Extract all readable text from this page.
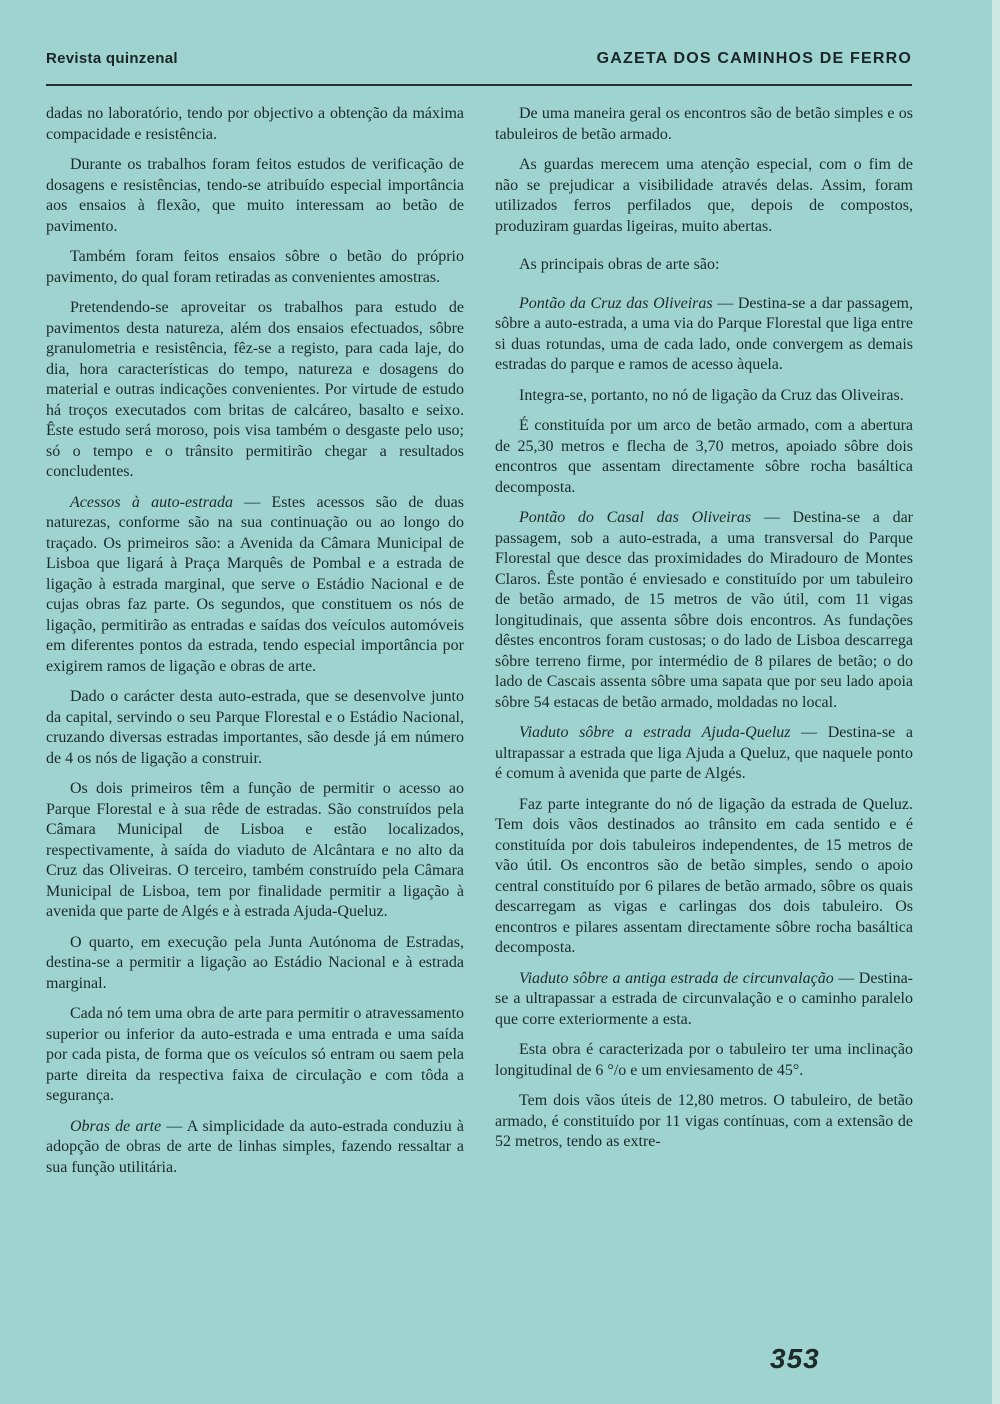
Revista quinzenal	GAZETA DOS CAMINHOS DE FERRO

dadas no laboratório, tendo por objectivo a obtenção da máxima compacidade e resistência.

Durante os trabalhos foram feitos estudos de verificação de dosagens e resistências, tendo-se atribuído especial importância aos ensaios à flexão, que muito interessam ao betão de pavimento.

Também foram feitos ensaios sôbre o betão do próprio pavimento, do qual foram retiradas as convenientes amostras.

Pretendendo-se aproveitar os trabalhos para estudo de pavimentos desta natureza, além dos ensaios efectuados, sôbre granulometria e resistência, fêz-se a registo, para cada laje, do dia, hora características do tempo, natureza e dosagens do material e outras indicações convenientes. Por virtude de estudo há troços executados com britas de calcáreo, basalto e seixo. Êste estudo será moroso, pois visa também o desgaste pelo uso; só o tempo e o trânsito permitirão chegar a resultados concludentes.

Acessos à auto-estrada — Estes acessos são de duas naturezas, conforme são na sua continuação ou ao longo do traçado. Os primeiros são: a Avenida da Câmara Municipal de Lisboa que ligará à Praça Marquês de Pombal e a estrada de ligação à estrada marginal, que serve o Estádio Nacional e de cujas obras faz parte. Os segundos, que constituem os nós de ligação, permitirão as entradas e saídas dos veículos automóveis em diferentes pontos da estrada, tendo especial importância por exigirem ramos de ligação e obras de arte.

Dado o carácter desta auto-estrada, que se desenvolve junto da capital, servindo o seu Parque Florestal e o Estádio Nacional, cruzando diversas estradas importantes, são desde já em número de 4 os nós de ligação a construir.

Os dois primeiros têm a função de permitir o acesso ao Parque Florestal e à sua rêde de estradas. São construídos pela Câmara Municipal de Lisboa e estão localizados, respectivamente, à saída do viaduto de Alcântara e no alto da Cruz das Oliveiras. O terceiro, também construído pela Câmara Municipal de Lisboa, tem por finalidade permitir a ligação à avenida que parte de Algés e à estrada Ajuda-Queluz.

O quarto, em execução pela Junta Autónoma de Estradas, destina-se a permitir a ligação ao Estádio Nacional e à estrada marginal.

Cada nó tem uma obra de arte para permitir o atravessamento superior ou inferior da auto-estrada e uma entrada e uma saída por cada pista, de forma que os veículos só entram ou saem pela parte direita da respectiva faixa de circulação e com tôda a segurança.

Obras de arte — A simplicidade da auto-estrada conduziu à adopção de obras de arte de linhas simples, fazendo ressaltar a sua função utilitária.

De uma maneira geral os encontros são de betão simples e os tabuleiros de betão armado.

As guardas merecem uma atenção especial, com o fim de não se prejudicar a visibilidade através delas. Assim, foram utilizados ferros perfilados que, depois de compostos, produziram guardas ligeiras, muito abertas.

As principais obras de arte são:

Pontão da Cruz das Oliveiras — Destina-se a dar passagem, sôbre a auto-estrada, a uma via do Parque Florestal que liga entre si duas rotundas, uma de cada lado, onde convergem as demais estradas do parque e ramos de acesso àquela.

Integra-se, portanto, no nó de ligação da Cruz das Oliveiras.

É constituída por um arco de betão armado, com a abertura de 25,30 metros e flecha de 3,70 metros, apoiado sôbre dois encontros que assentam directamente sôbre rocha basáltica decomposta.

Pontão do Casal das Oliveiras — Destina-se a dar passagem, sob a auto-estrada, a uma transversal do Parque Florestal que desce das proximidades do Miradouro de Montes Claros. Êste pontão é enviesado e constituído por um tabuleiro de betão armado, de 15 metros de vão útil, com 11 vigas longitudinais, que assenta sôbre dois encontros. As fundações dêstes encontros foram custosas; o do lado de Lisboa descarrega sôbre terreno firme, por intermédio de 8 pilares de betão; o do lado de Cascais assenta sôbre uma sapata que por seu lado apoia sôbre 54 estacas de betão armado, moldadas no local.

Viaduto sôbre a estrada Ajuda-Queluz — Destina-se a ultrapassar a estrada que liga Ajuda a Queluz, que naquele ponto é comum à avenida que parte de Algés.

Faz parte integrante do nó de ligação da estrada de Queluz. Tem dois vãos destinados ao trânsito em cada sentido e é constituída por dois tabuleiros independentes, de 15 metros de vão útil. Os encontros são de betão simples, sendo o apoio central constituído por 6 pilares de betão armado, sôbre os quais descarregam as vigas e carlingas dos dois tabuleiro. Os encontros e pilares assentam directamente sôbre rocha basáltica decomposta.

Viaduto sôbre a antiga estrada de circunvalação — Destina-se a ultrapassar a estrada de circunvalação e o caminho paralelo que corre exteriormente a esta.

Esta obra é caracterizada por o tabuleiro ter uma inclinação longitudinal de 6 °/o e um enviesamento de 45°.

Tem dois vãos úteis de 12,80 metros. O tabuleiro, de betão armado, é constituído por 11 vigas contínuas, com a extensão de 52 metros, tendo as extre-

353
